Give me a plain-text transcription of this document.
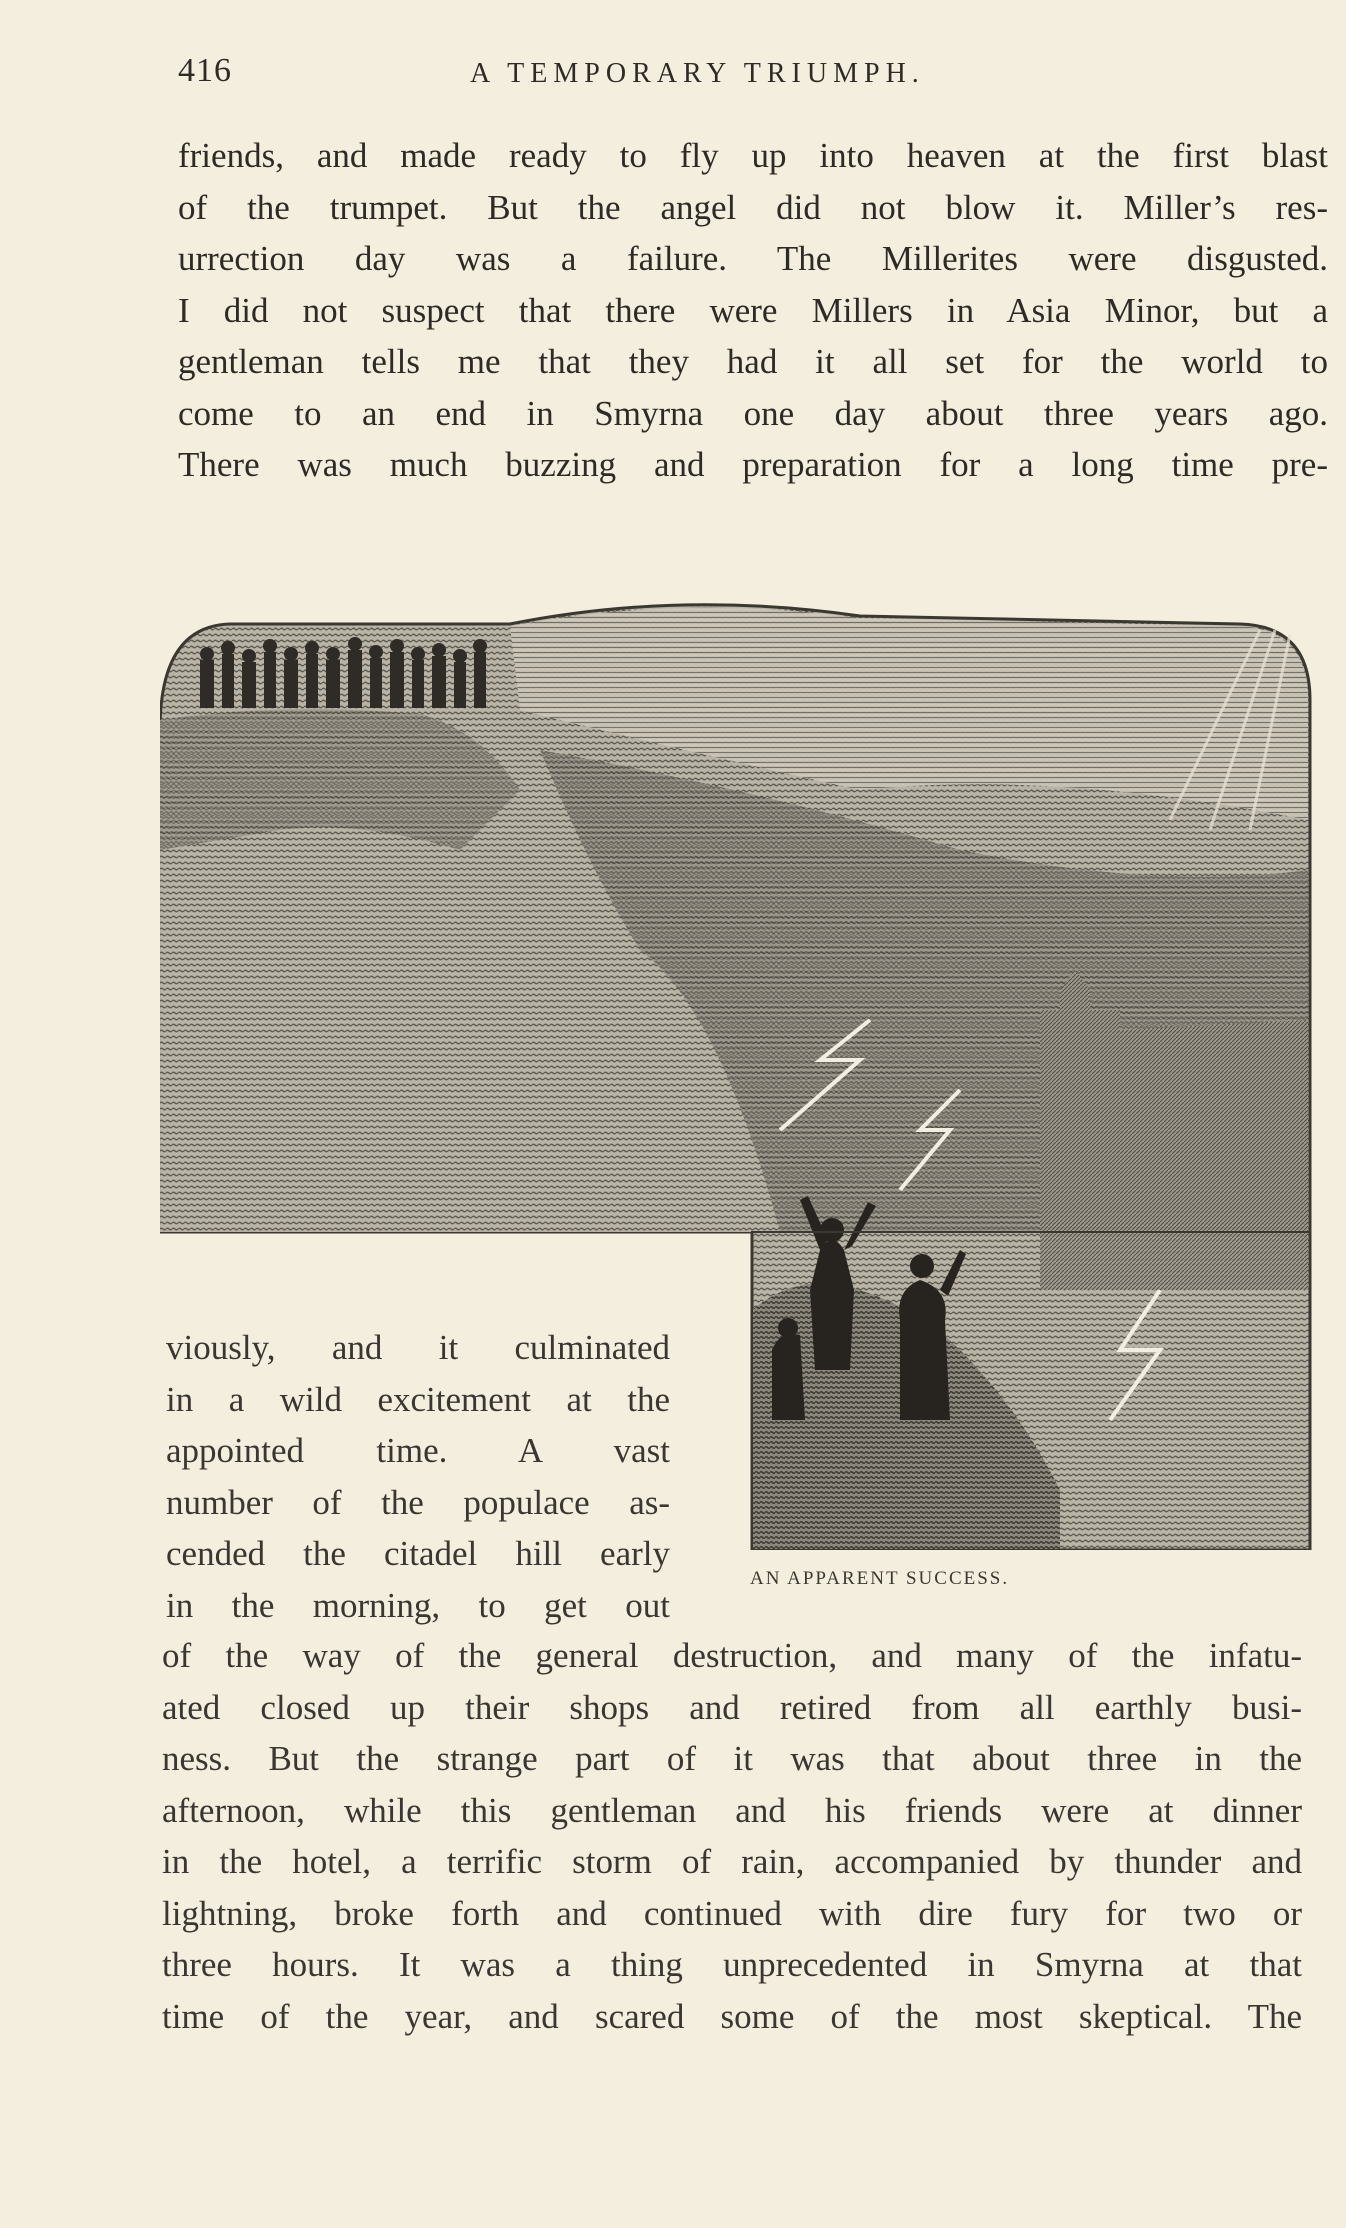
416	A TEMPORARY TRIUMPH.
friends, and made ready to fly up into heaven at the first blast
of the trumpet. But the angel did not blow it. Miller’s res-
urrection day was a failure. The Millerites were disgusted.
I did not suspect that there were Millers in Asia Minor, but a
gentleman tells me that they had it all set for the world to
come to an end in Smyrna one day about three years ago.
There was much buzzing and preparation for a long time pre-
AN APPARENT SUCCESS.
viously, and it culminated
in a wild excitement at the
appointed time. A vast
number of the populace as-
cended the citadel hill early
in the morning, to get out
of the way of the general destruction, and many of the infatu-
ated closed up their shops and retired from all earthly busi-
ness. But the strange part of it was that about three in the
afternoon, while this gentleman and his friends were at dinner
in the hotel, a terrific storm of rain, accompanied by thunder and
lightning, broke forth and continued with dire fury for two or
three hours. It was a thing unprecedented in Smyrna at that
time of the year, and scared some of the most skeptical. The
